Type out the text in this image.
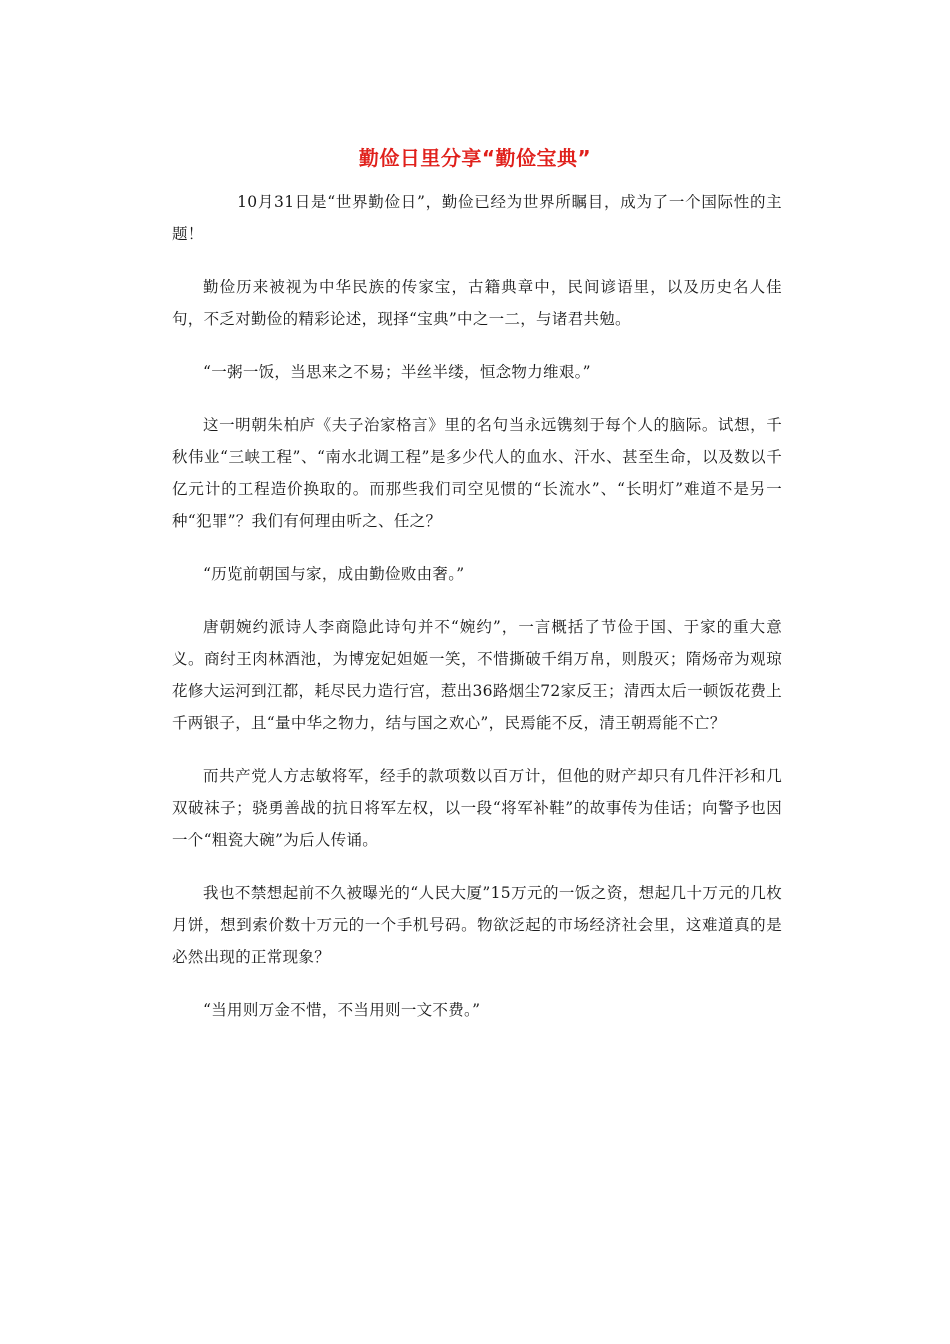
勤俭日里分享“勤俭宝典”

10月31日是“世界勤俭日”，勤俭已经为世界所瞩目，成为了一个国际性的主题！

勤俭历来被视为中华民族的传家宝，古籍典章中，民间谚语里，以及历史名人佳句，不乏对勤俭的精彩论述，现择“宝典”中之一二，与诸君共勉。

“一粥一饭，当思来之不易；半丝半缕，恒念物力维艰。”

这一明朝朱柏庐《夫子治家格言》里的名句当永远镌刻于每个人的脑际。试想，千秋伟业“三峡工程”、“南水北调工程”是多少代人的血水、汗水、甚至生命，以及数以千亿元计的工程造价换取的。而那些我们司空见惯的“长流水”、“长明灯”难道不是另一种“犯罪”？我们有何理由听之、任之？

“历览前朝国与家，成由勤俭败由奢。”

唐朝婉约派诗人李商隐此诗句并不“婉约”，一言概括了节俭于国、于家的重大意义。商纣王肉林酒池，为博宠妃妲姬一笑，不惜撕破千绢万帛，则殷灭；隋炀帝为观琼花修大运河到江都，耗尽民力造行宫，惹出36路烟尘72家反王；清西太后一顿饭花费上千两银子，且“量中华之物力，结与国之欢心”，民焉能不反，清王朝焉能不亡？

而共产党人方志敏将军，经手的款项数以百万计，但他的财产却只有几件汗衫和几双破袜子；骁勇善战的抗日将军左权，以一段“将军补鞋”的故事传为佳话；向警予也因一个“粗瓷大碗”为后人传诵。

我也不禁想起前不久被曝光的“人民大厦”15万元的一饭之资，想起几十万元的几枚月饼，想到索价数十万元的一个手机号码。物欲泛起的市场经济社会里，这难道真的是必然出现的正常现象？

“当用则万金不惜，不当用则一文不费。”
